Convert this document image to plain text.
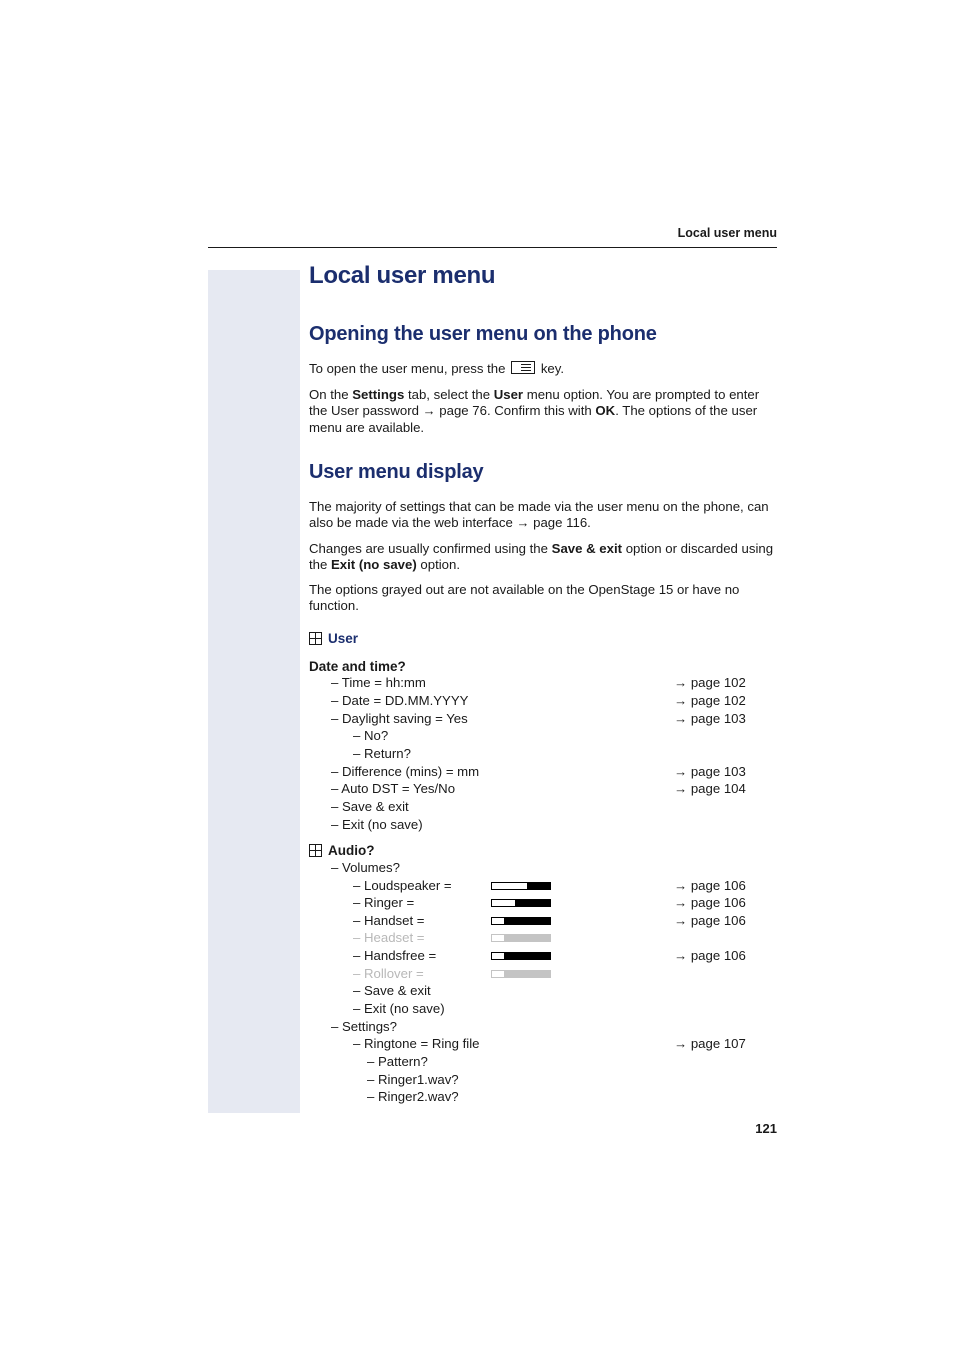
Local user menu
Local user menu
Opening the user menu on the phone
To open the user menu, press the	key.
On the Settings tab, select the User menu option. You are prompted to enter the User password → page 76. Confirm this with OK. The options of the user menu are available.
User menu display
The majority of settings that can be made via the user menu on the phone, can also be made via the web interface → page 116.
Changes are usually confirmed using the Save & exit option or discarded using the Exit (no save) option.
The options grayed out are not available on the OpenStage 15 or have no function.
User
Date and time?
– Time = hh:mm	→ page 102
– Date = DD.MM.YYYY	→ page 102
– Daylight saving = Yes	→ page 103
– No?
– Return?
– Difference (mins) = mm	→ page 103
– Auto DST = Yes/No	→ page 104
– Save & exit
– Exit (no save)
Audio?
– Volumes?
– Loudspeaker =	→ page 106
– Ringer =	→ page 106
– Handset =	→ page 106
– Headset =
– Handsfree =	→ page 106
– Rollover =
– Save & exit
– Exit (no save)
– Settings?
– Ringtone = Ring file	→ page 107
– Pattern?
– Ringer1.wav?
– Ringer2.wav?
121
